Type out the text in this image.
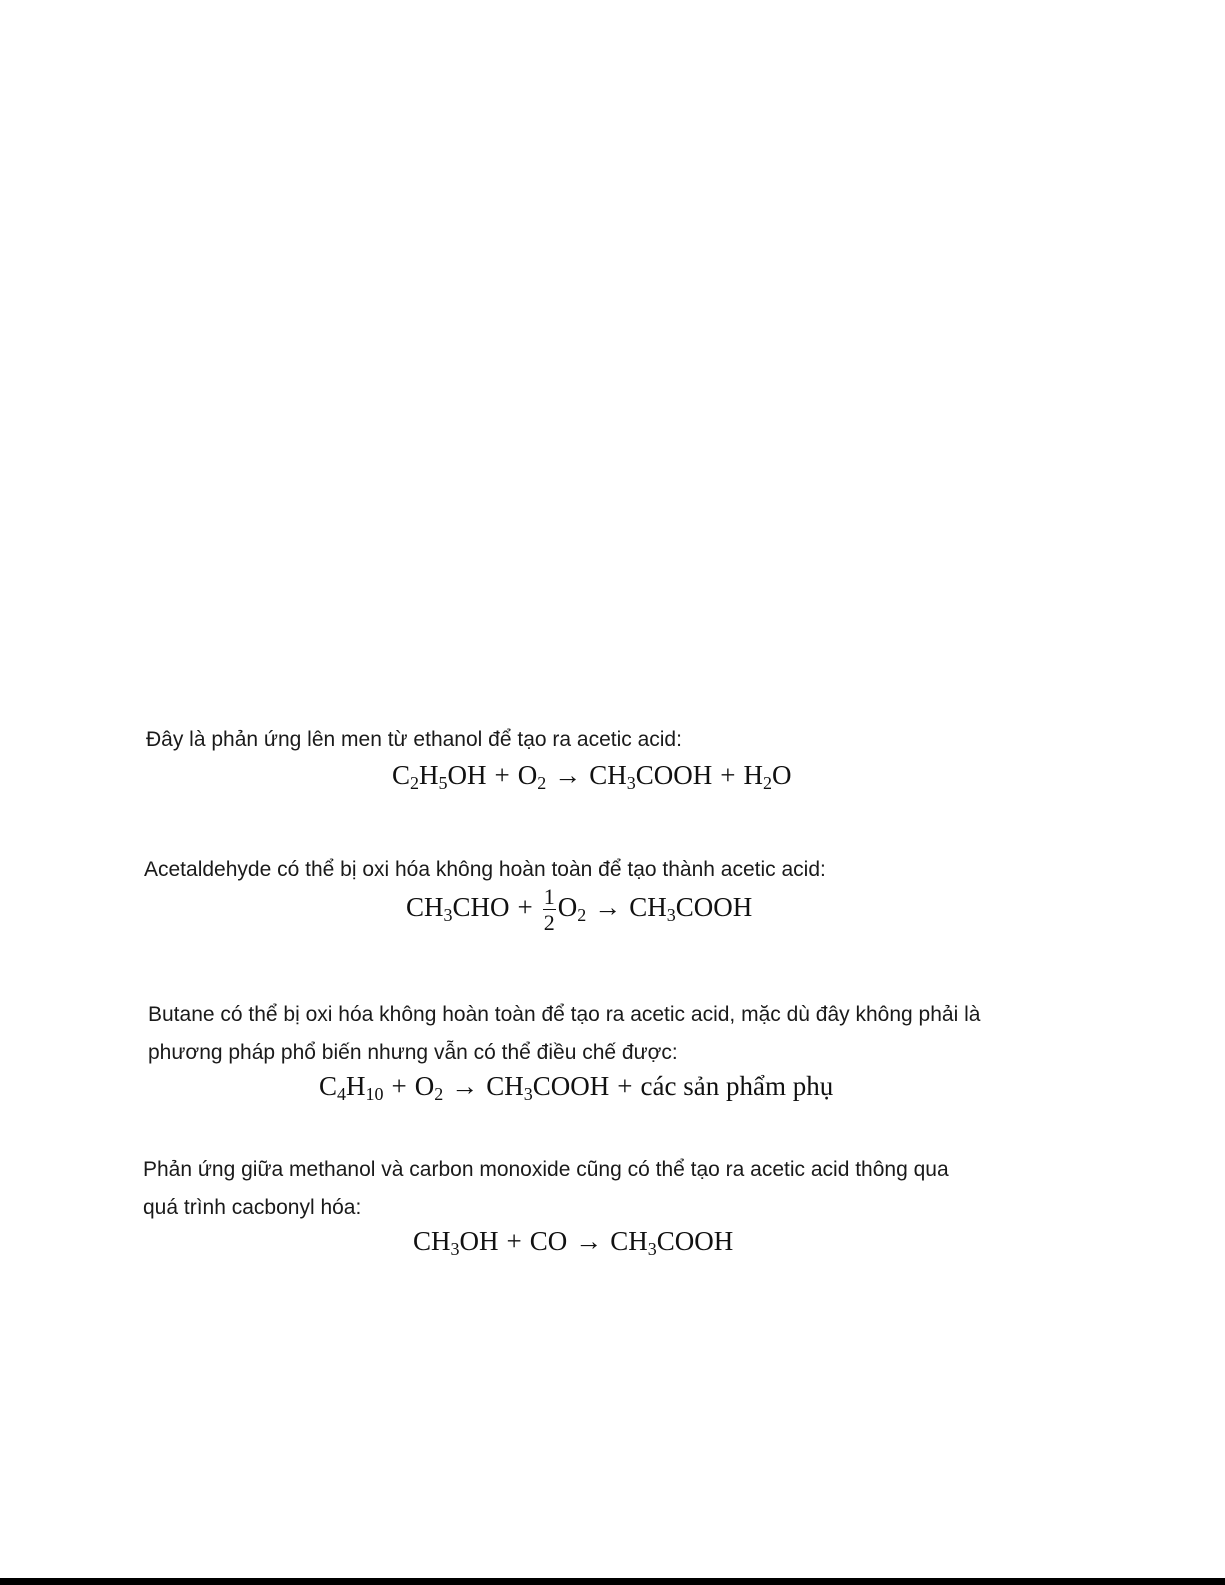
Đây là phản ứng lên men từ ethanol để tạo ra acetic acid:
$C_2H_5OH + O_2$ → $CH_3COOH + H_2O$
Acetaldehyde có thể bị oxi hóa không hoàn toàn để tạo thành acetic acid:
$CH_3CHO + \frac{1}{2} O_2$ → $CH_3COOH$
Butane có thể bị oxi hóa không hoàn toàn để tạo ra acetic acid, mặc dù đây không phải là
phương pháp phổ biến nhưng vẫn có thể điều chế được:
$C_4H_{10} + O_2$ → $CH_3COOH$ + các sản phẩm phụ
Phản ứng giữa methanol và carbon monoxide cũng có thể tạo ra acetic acid thông qua
quá trình cacbonyl hóa:
$CH_3OH$ + CO → $CH_3COOH$
